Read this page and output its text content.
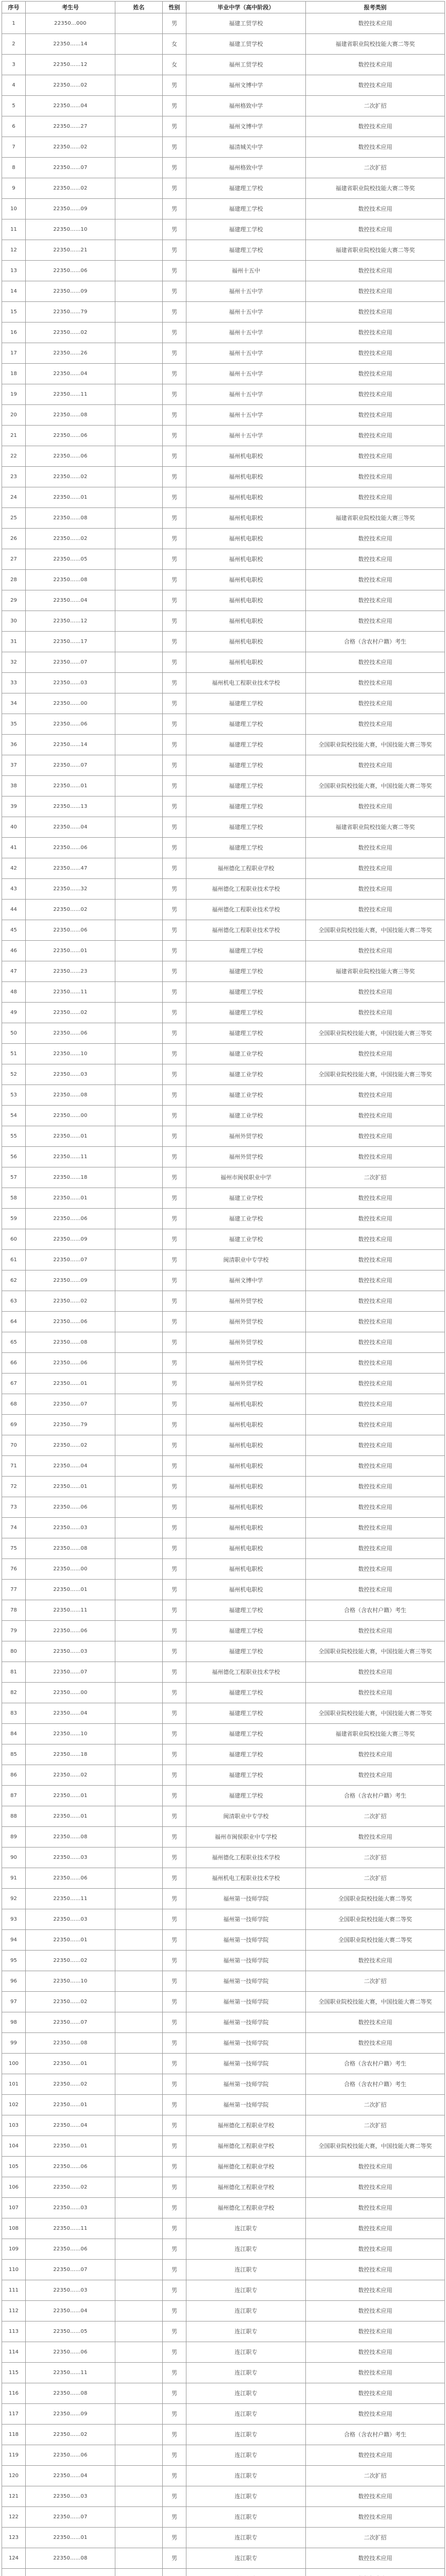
序号	考生号	姓名	性别	毕业中学（高中阶段）	报考类别
1	22350…000		男	福建工贸学校	数控技术应用
2	22350……14		女	福建工贸学校	福建省职业院校技能大赛二等奖
3	22350……12		女	福州工贸学校	数控技术应用
4	22350……02		男	福州文博中学	数控技术应用
5	22350……04		男	福州格致中学	二次扩招
6	22350……27		男	福州文博中学	数控技术应用
7	22350……02		男	福清城关中学	数控技术应用
8	22350……07		男	福州格致中学	二次扩招
9	22350……02		男	福建理工学校	福建省职业院校技能大赛二等奖
10	22350……09		男	福建理工学校	数控技术应用
11	22350……10		男	福建理工学校	数控技术应用
12	22350……21		男	福建理工学校	福建省职业院校技能大赛二等奖
13	22350……06		男	福州十五中	数控技术应用
14	22350……09		男	福州十五中学	数控技术应用
15	22350……79		男	福州十五中学	数控技术应用
16	22350……02		男	福州十五中学	数控技术应用
17	22350……26		男	福州十五中学	数控技术应用
18	22350……04		男	福州十五中学	数控技术应用
19	22350……11		男	福州十五中学	数控技术应用
20	22350……08		男	福州十五中学	数控技术应用
21	22350……06		男	福州十五中学	数控技术应用
22	22350……06		男	福州机电职校	数控技术应用
23	22350……02		男	福州机电职校	数控技术应用
24	22350……01		男	福州机电职校	数控技术应用
25	22350……08		男	福州机电职校	福建省职业院校技能大赛三等奖
26	22350……02		男	福州机电职校	数控技术应用
27	22350……05		男	福州机电职校	数控技术应用
28	22350……08		男	福州机电职校	数控技术应用
29	22350……04		男	福州机电职校	数控技术应用
30	22350……12		男	福州机电职校	数控技术应用
31	22350……17		男	福州机电职校	合格（含农村户籍）考生
32	22350……07		男	福州机电职校	数控技术应用
33	22350……03		男	福州机电工程职业技术学校	数控技术应用
34	22350……00		男	福建理工学校	数控技术应用
35	22350……06		男	福建理工学校	数控技术应用
36	22350……14		男	福建理工学校	全国职业院校技能大赛，中国技能大赛三等奖
37	22350……07		男	福建理工学校	数控技术应用
38	22350……01		男	福建理工学校	全国职业院校技能大赛，中国技能大赛二等奖
39	22350……13		男	福建理工学校	数控技术应用
40	22350……04		男	福建理工学校	福建省职业院校技能大赛二等奖
41	22350……06		男	福建理工学校	数控技术应用
42	22350……47		男	福州德化工程职业学校	数控技术应用
43	22350……32		男	福州德化工程职业技术学校	数控技术应用
44	22350……02		男	福州德化工程职业技术学校	数控技术应用
45	22350……06		男	福州德化工程职业技术学校	全国职业院校技能大赛，中国技能大赛二等奖
46	22350……01		男	福建理工学校	数控技术应用
47	22350……23		男	福建理工学校	福建省职业院校技能大赛三等奖
48	22350……11		男	福建理工学校	数控技术应用
49	22350……02		男	福建理工学校	数控技术应用
50	22350……06		男	福建理工学校	全国职业院校技能大赛，中国技能大赛三等奖
51	22350……10		男	福建工业学校	数控技术应用
52	22350……03		男	福建工业学校	全国职业院校技能大赛，中国技能大赛三等奖
53	22350……08		男	福建工业学校	数控技术应用
54	22350……00		男	福建工业学校	数控技术应用
55	22350……01		男	福州外贸学校	数控技术应用
56	22350……11		男	福州外贸学校	数控技术应用
57	22350……18		男	福州市闽侯职业中学	二次扩招
58	22350……01		男	福建工业学校	数控技术应用
59	22350……06		男	福建工业学校	数控技术应用
60	22350……09		男	福建工业学校	数控技术应用
61	22350……07		男	闽清职业中专学校	数控技术应用
62	22350……09		男	福州文博中学	数控技术应用
63	22350……02		男	福州外贸学校	数控技术应用
64	22350……06		男	福州外贸学校	数控技术应用
65	22350……08		男	福州外贸学校	数控技术应用
66	22350……06		男	福州外贸学校	数控技术应用
67	22350……01		男	福州外贸学校	数控技术应用
68	22350……07		男	福州机电职校	数控技术应用
69	22350……79		男	福州机电职校	数控技术应用
70	22350……02		男	福州机电职校	数控技术应用
71	22350……04		男	福州机电职校	数控技术应用
72	22350……01		男	福州机电职校	数控技术应用
73	22350……06		男	福州机电职校	数控技术应用
74	22350……03		男	福州机电职校	数控技术应用
75	22350……08		男	福州机电职校	数控技术应用
76	22350……00		男	福州机电职校	数控技术应用
77	22350……01		男	福州机电职校	数控技术应用
78	22350……11		男	福建理工学校	合格（含农村户籍）考生
79	22350……06		男	福建理工学校	数控技术应用
80	22350……03		男	福建理工学校	全国职业院校技能大赛，中国技能大赛三等奖
81	22350……07		男	福州德化工程职业技术学校	数控技术应用
82	22350……00		男	福建理工学校	数控技术应用
83	22350……04		男	福建理工学校	全国职业院校技能大赛，中国技能大赛二等奖
84	22350……10		男	福建理工学校	福建省职业院校技能大赛三等奖
85	22350……18		男	福建理工学校	数控技术应用
86	22350……02		男	福建理工学校	数控技术应用
87	22350……01		男	福建理工学校	合格（含农村户籍）考生
88	22350……01		男	闽清职业中专学校	二次扩招
89	22350……08		男	福州市闽侯职业中专学校	数控技术应用
90	22350……03		男	福州德化工程职业技术学校	二次扩招
91	22350……06		男	福州机电工程职业技术学校	二次扩招
92	22350……11		男	福州第一技师学院	全国职业院校技能大赛二等奖
93	22350……03		男	福州第一技师学院	全国职业院校技能大赛二等奖
94	22350……01		男	福州第一技师学院	全国职业院校技能大赛二等奖
95	22350……02		男	福州第一技师学院	数控技术应用
96	22350……10		男	福州第一技师学院	二次扩招
97	22350……02		男	福州第一技师学院	全国职业院校技能大赛，中国技能大赛二等奖
98	22350……07		男	福州第一技师学院	数控技术应用
99	22350……08		男	福州第一技师学院	数控技术应用
100	22350……01		男	福州第一技师学院	合格（含农村户籍）考生
101	22350……02		男	福州第一技师学院	合格（含农村户籍）考生
102	22350……01		男	福州第一技师学院	二次扩招
103	22350……04		男	福州德化工程职业学校	二次扩招
104	22350……01		男	福州德化工程职业学校	全国职业院校技能大赛，中国技能大赛二等奖
105	22350……06		男	福州德化工程职业学校	数控技术应用
106	22350……02		男	福州德化工程职业学校	数控技术应用
107	22350……03		男	福州德化工程职业学校	数控技术应用
108	22350……11		男	连江职专	数控技术应用
109	22350……06		男	连江职专	数控技术应用
110	22350……07		男	连江职专	数控技术应用
111	22350……03		男	连江职专	数控技术应用
112	22350……04		男	连江职专	数控技术应用
113	22350……05		男	连江职专	数控技术应用
114	22350……06		男	连江职专	数控技术应用
115	22350……11		男	连江职专	数控技术应用
116	22350……08		男	连江职专	数控技术应用
117	22350……09		男	连江职专	数控技术应用
118	22350……02		男	连江职专	合格（含农村户籍）考生
119	22350……06		男	连江职专	数控技术应用
120	22350……04		男	连江职专	二次扩招
121	22350……03		男	连江职专	数控技术应用
122	22350……07		男	连江职专	数控技术应用
123	22350……01		男	连江职专	二次扩招
124	22350……08		男	连江职专	数控技术应用
